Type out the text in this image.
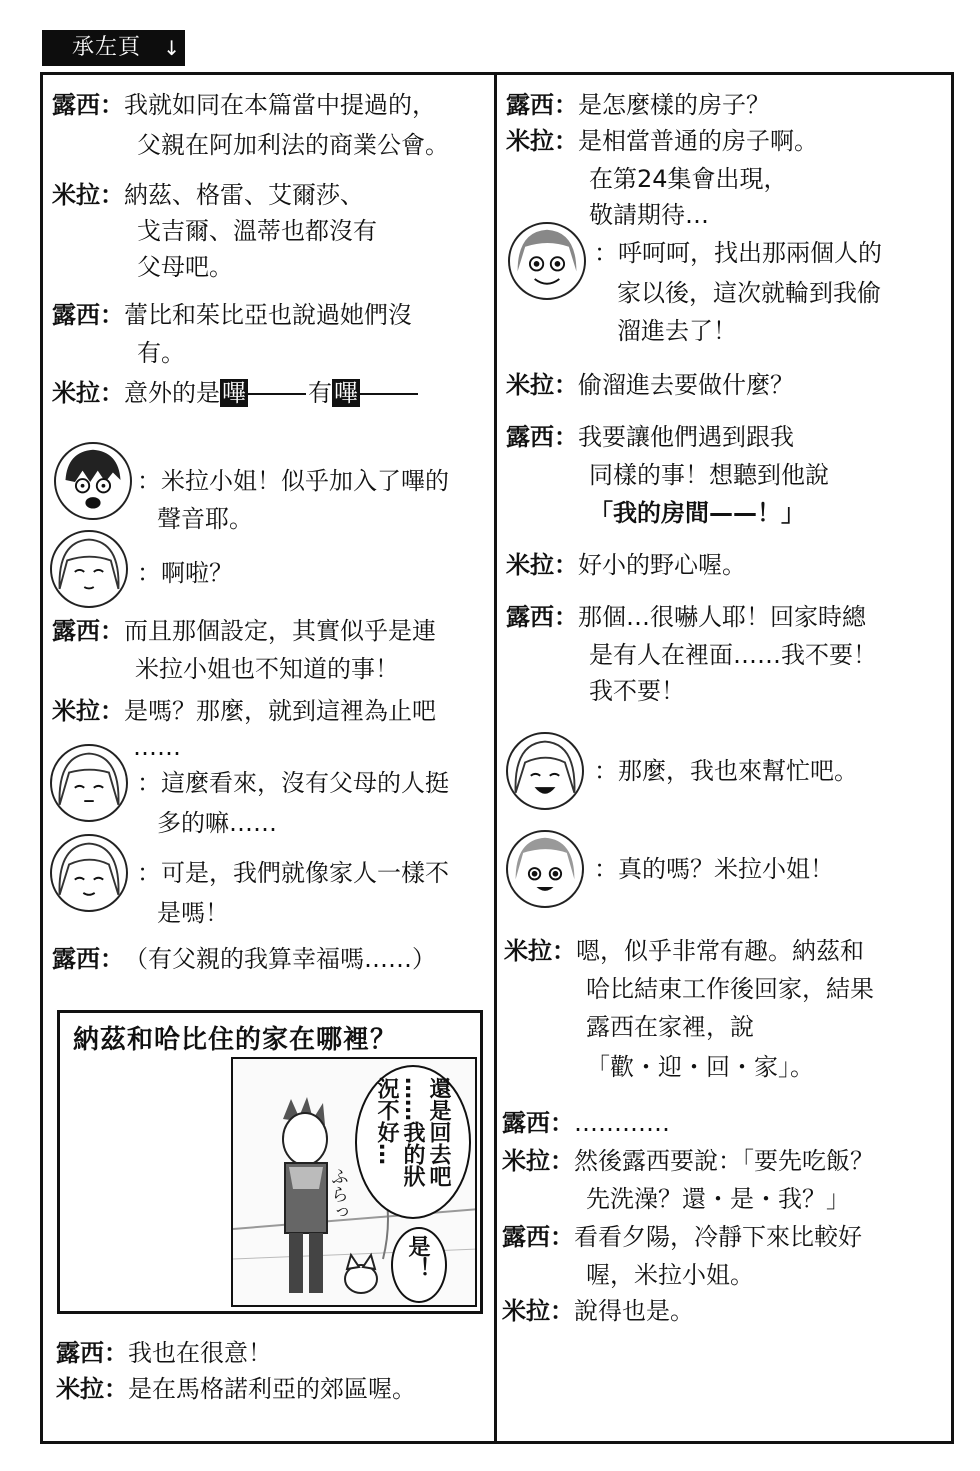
承左頁 ↓
露西：我就如同在本篇當中提過的，
父親在阿加利法的商業公會。
米拉：納茲、格雷、艾爾莎、
戈吉爾、溫蒂也都沒有
父母吧。
露西：蕾比和茱比亞也說過她們沒
有。
米拉：意外的是嗶	有嗶
：米拉小姐！似乎加入了嗶的
聲音耶。
：啊啦？
露西：而且那個設定，其實似乎是連
米拉小姐也不知道的事！
米拉：是嗎？那麼，就到這裡為止吧
……
：這麼看來，沒有父母的人挺
多的嘛……
：可是，我們就像家人一樣不
是嗎！
露西：（有父親的我算幸福嗎……）
納茲和哈比住的家在哪裡？
還是回去吧
……我的狀況不好…
ふらっ
是！
露西：我也在很意！
米拉：是在馬格諾利亞的郊區喔。
露西：是怎麼樣的房子？
米拉：是相當普通的房子啊。
在第24集會出現，
敬請期待…
：呼呵呵，找出那兩個人的
家以後，這次就輪到我偷
溜進去了！
米拉：偷溜進去要做什麼？
露西：我要讓他們遇到跟我
同樣的事！想聽到他說
「我的房間——！」
米拉：好小的野心喔。
露西：那個…很嚇人耶！回家時總
是有人在裡面……我不要！
我不要！
：那麼，我也來幫忙吧。
：真的嗎？米拉小姐！
米拉：嗯，似乎非常有趣。納茲和
哈比結束工作後回家，結果
露西在家裡，說
「歡・迎・回・家」。
露西：…………
米拉：然後露西要說：「要先吃飯？
先洗澡？還・是・我？」
露西：看看夕陽，冷靜下來比較好
喔，米拉小姐。
米拉：說得也是。
